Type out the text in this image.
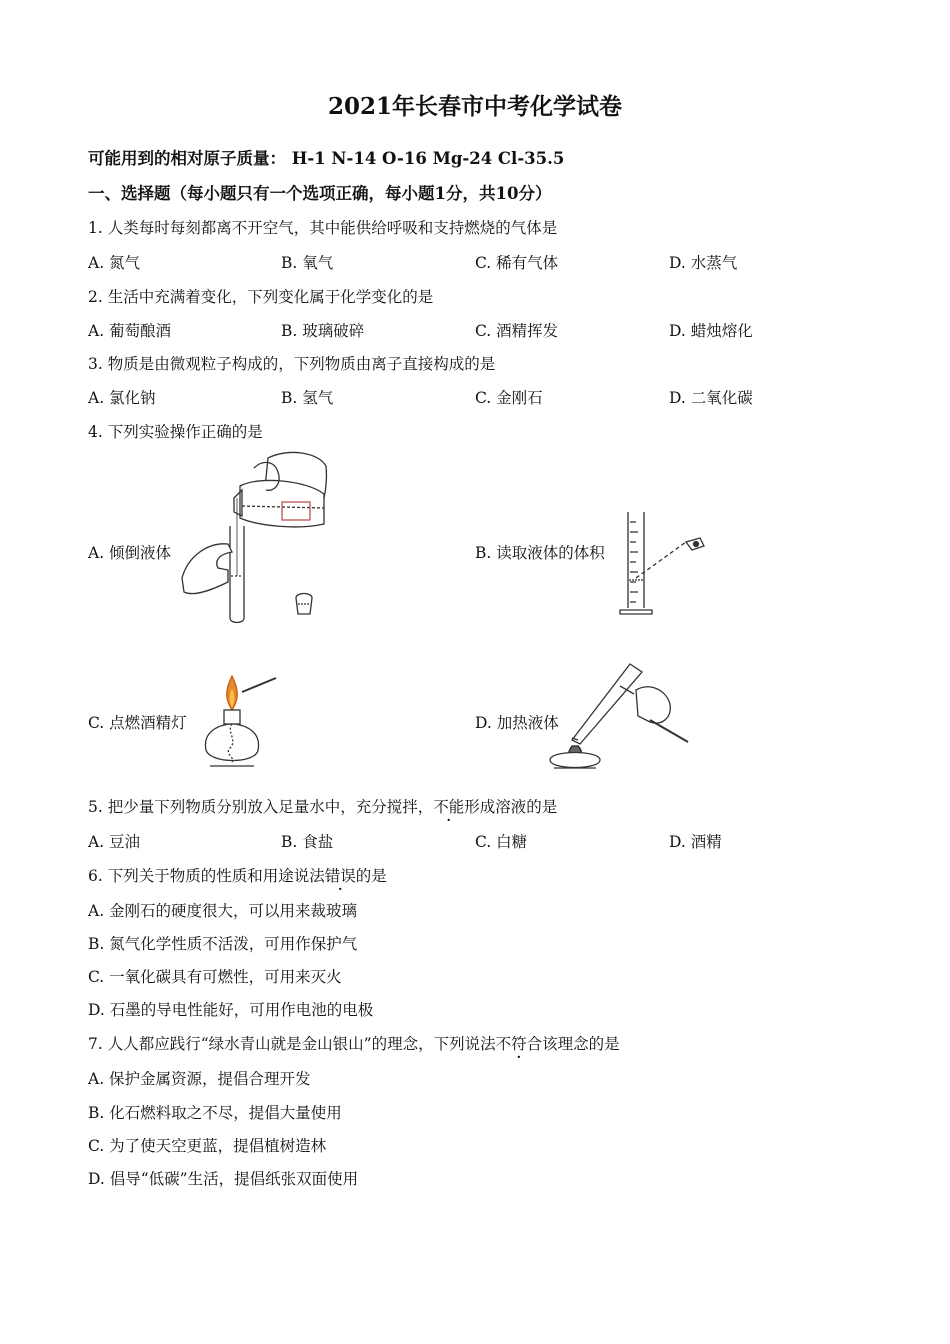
2021年长春市中考化学试卷
可能用到的相对原子质量： H-1 N-14 O-16 Mg-24 Cl-35.5
一、选择题（每小题只有一个选项正确，每小题1分，共10分）
1. 人类每时每刻都离不开空气，其中能供给呼吸和支持燃烧的气体是
A. 氮气	B. 氧气	C. 稀有气体	D. 水蒸气
2. 生活中充满着变化，下列变化属于化学变化的是
A. 葡萄酿酒	B. 玻璃破碎	C. 酒精挥发	D. 蜡烛熔化
3. 物质是由微观粒子构成的，下列物质由离子直接构成的是
A. 氯化钠	B. 氢气	C. 金刚石	D. 二氧化碳
4. 下列实验操作正确的是
A. 倾倒液体	B. 读取液体的体积
C. 点燃酒精灯	D. 加热液体
5. 把少量下列物质分别放入足量水中，充分搅拌，不能形成溶液的是
A. 豆油	B. 食盐	C. 白糖	D. 酒精
6. 下列关于物质的性质和用途说法错误的是
A. 金刚石的硬度很大，可以用来裁玻璃
B. 氮气化学性质不活泼，可用作保护气
C. 一氧化碳具有可燃性，可用来灭火
D. 石墨的导电性能好，可用作电池的电极
7. 人人都应践行“绿水青山就是金山银山”的理念，下列说法不符合该理念的是
A. 保护金属资源，提倡合理开发
B. 化石燃料取之不尽，提倡大量使用
C. 为了使天空更蓝，提倡植树造林
D. 倡导“低碳”生活，提倡纸张双面使用
